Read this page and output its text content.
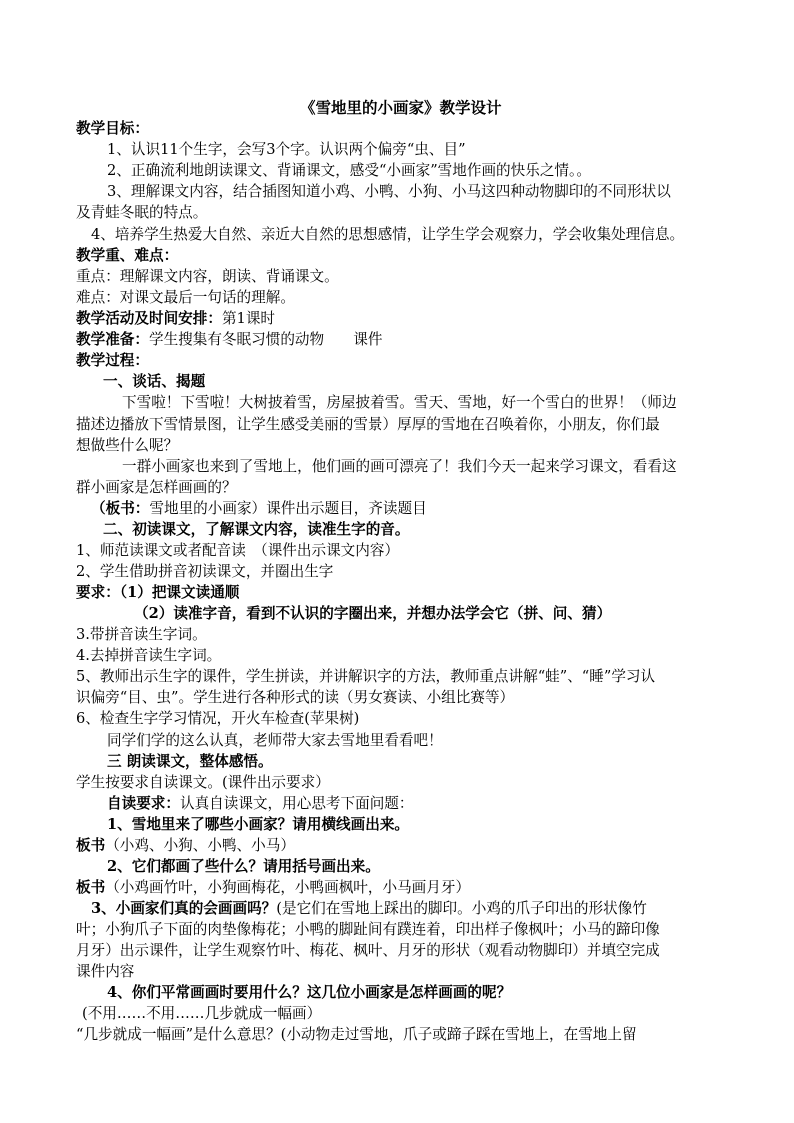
《雪地里的小画家》教学设计
教学目标：
1、认识11个生字，会写3个字。认识两个偏旁“虫、目”
2、正确流利地朗读课文、背诵课文，感受“小画家”雪地作画的快乐之情。。
3、理解课文内容，结合插图知道小鸡、小鸭、小狗、小马这四种动物脚印的不同形状以
及青蛙冬眠的特点。
4、培养学生热爱大自然、亲近大自然的思想感情，让学生学会观察力，学会收集处理信息。
教学重、难点：
重点：理解课文内容，朗读、背诵课文。
难点：对课文最后一句话的理解。
教学活动及时间安排：第1课时
教学准备：学生搜集有冬眠习惯的动物　　课件
教学过程：
一、谈话、揭题
下雪啦！下雪啦！大树披着雪，房屋披着雪。雪天、雪地，好一个雪白的世界！（师边
描述边播放下雪情景图，让学生感受美丽的雪景）厚厚的雪地在召唤着你，小朋友，你们最
想做些什么呢？
一群小画家也来到了雪地上，他们画的画可漂亮了！我们今天一起来学习课文，看看这
群小画家是怎样画画的？
（板书：雪地里的小画家）课件出示题目，齐读题目
二、初读课文，了解课文内容，读准生字的音。
1、师范读课文或者配音读　（课件出示课文内容）
2、学生借助拼音初读课文，并圈出生字
要求：（1）把课文读通顺
（2）读准字音，看到不认识的字圈出来，并想办法学会它（拼、问、猜）
3.带拼音读生字词。
4.去掉拼音读生字词。
5、教师出示生字的课件，学生拼读，并讲解识字的方法，教师重点讲解“蛙”、“睡”学习认
识偏旁“目、虫”。学生进行各种形式的读（男女赛读、小组比赛等）
6、检查生字学习情况，开火车检查(苹果树)
同学们学的这么认真，老师带大家去雪地里看看吧！
三 朗读课文，整体感悟。
学生按要求自读课文。(课件出示要求）
自读要求：认真自读课文，用心思考下面问题：
1、雪地里来了哪些小画家？请用横线画出来。
板书（小鸡、小狗、小鸭、小马）
2、它们都画了些什么？请用括号画出来。
板书（小鸡画竹叶，小狗画梅花，小鸭画枫叶，小马画月牙）
3、小画家们真的会画画吗？(是它们在雪地上踩出的脚印。小鸡的爪子印出的形状像竹
叶；小狗爪子下面的肉垫像梅花；小鸭的脚趾间有蹼连着，印出样子像枫叶；小马的蹄印像
月牙）出示课件，让学生观察竹叶、梅花、枫叶、月牙的形状（观看动物脚印）并填空完成
课件内容
4、你们平常画画时要用什么？这几位小画家是怎样画画的呢？
(不用……不用……几步就成一幅画）
“几步就成一幅画”是什么意思？(小动物走过雪地，爪子或蹄子踩在雪地上，在雪地上留
